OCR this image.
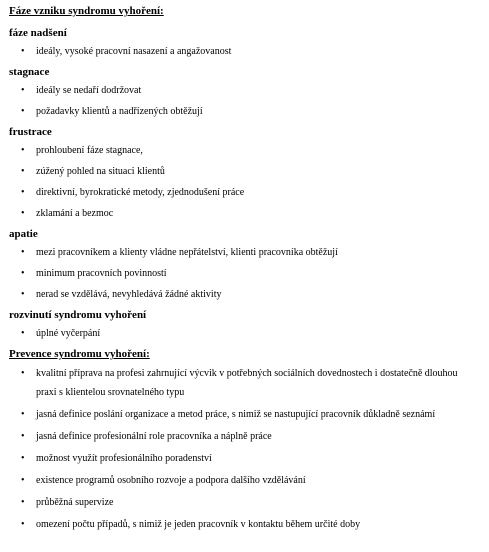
Fáze vzniku syndromu vyhoření:
fáze nadšení
• ideály, vysoké pracovní nasazení a angažovanost
stagnace
• ideály se nedaří dodržovat
• požadavky klientů a nadřízených obtěžují
frustrace
• prohloubení fáze stagnace,
• zúžený pohled na situaci klientů
• direktivní, byrokratické metody, zjednodušení práce
• zklamání a bezmoc
apatie
• mezi pracovníkem a klienty vládne nepřátelství, klienti pracovníka obtěžují
• minimum pracovních povinností
• nerad se vzdělává, nevyhledává žádné aktivity
rozvinutí syndromu vyhoření
• úplné vyčerpání
Prevence syndromu vyhoření:
• kvalitní příprava na profesi zahrnující výcvik v potřebných sociálních dovednostech i dostatečně dlouhou praxi s klientelou srovnatelného typu
• jasná definice poslání organizace a metod práce, s nimiž se nastupující pracovník důkladně seznámí
• jasná definice profesionální role pracovníka a náplně práce
• možnost využít profesionálního poradenství
• existence programů osobního rozvoje a podpora dalšího vzdělávání
• průběžná supervize
• omezení počtu případů, s nimiž je jeden pracovník v kontaktu během určité doby
